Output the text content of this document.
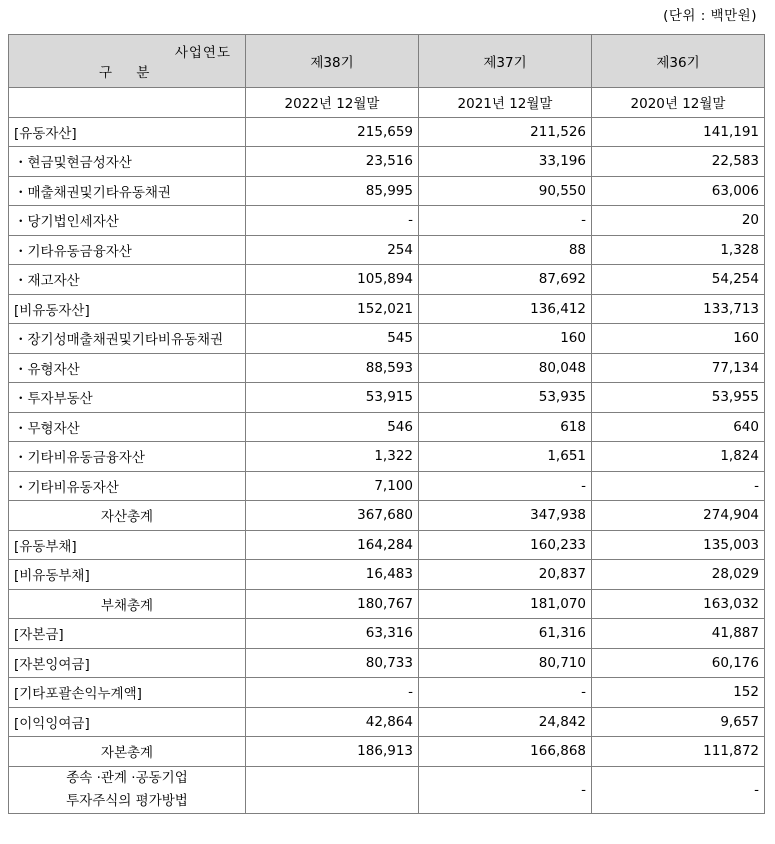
(단위 : 백만원)
사업연도
구 분	제38기	제37기	제36기
	2022년 12월말	2021년 12월말	2020년 12월말
[유동자산]	215,659	211,526	141,191
・현금및현금성자산	23,516	33,196	22,583
・매출채권및기타유동채권	85,995	90,550	63,006
・당기법인세자산	-	-	20
・기타유동금융자산	254	88	1,328
・재고자산	105,894	87,692	54,254
[비유동자산]	152,021	136,412	133,713
・장기성매출채권및기타비유동채권	545	160	160
・유형자산	88,593	80,048	77,134
・투자부동산	53,915	53,935	53,955
・무형자산	546	618	640
・기타비유동금융자산	1,322	1,651	1,824
・기타비유동자산	7,100	-	-
자산총계	367,680	347,938	274,904
[유동부채]	164,284	160,233	135,003
[비유동부채]	16,483	20,837	28,029
부채총계	180,767	181,070	163,032
[자본금]	63,316	61,316	41,887
[자본잉여금]	80,733	80,710	60,176
[기타포괄손익누계액]	-	-	152
[이익잉여금]	42,864	24,842	9,657
자본총계	186,913	166,868	111,872

종속 ·관계 ·공동기업
투자주식의 평가방법		-	-
